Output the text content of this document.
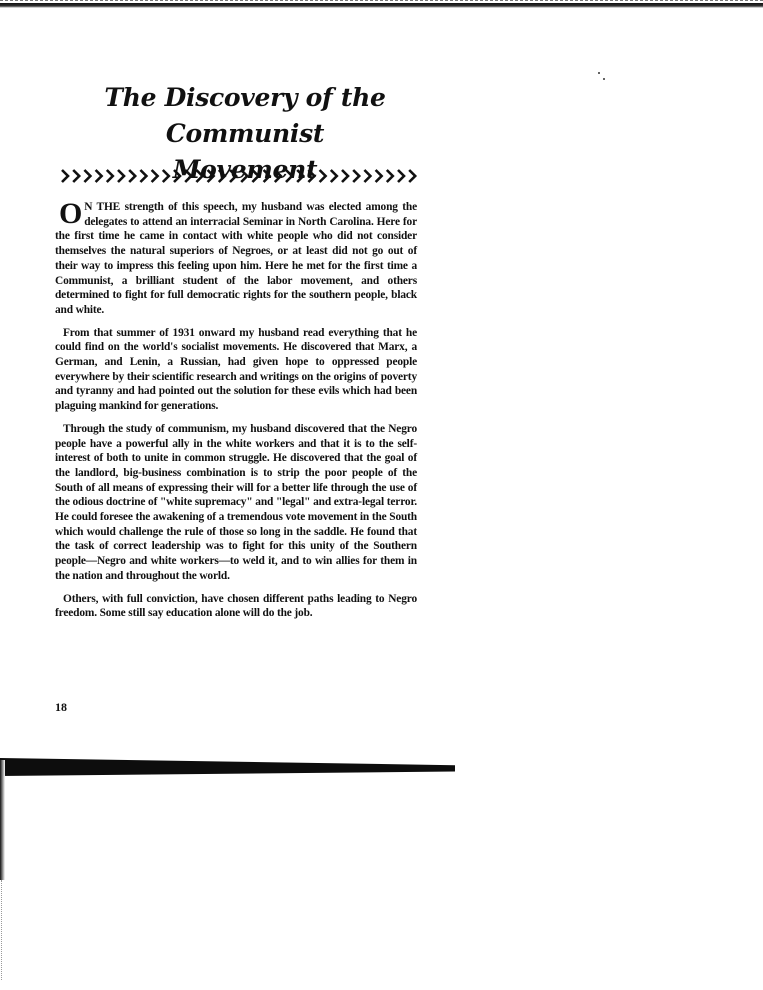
The Discovery of the Communist
Movement

O N THE strength of this speech, my husband was elected among the delegates to attend an interracial Seminar in North Carolina. Here for the first time he came in contact with white people who did not consider themselves the natural superiors of Negroes, or at least did not go out of their way to impress this feeling upon him. Here he met for the first time a Communist, a brilliant student of the labor movement, and others determined to fight for full democratic rights for the southern people, black and white.

From that summer of 1931 onward my husband read everything that he could find on the world's socialist movements. He discovered that Marx, a German, and Lenin, a Russian, had given hope to oppressed people everywhere by their scientific research and writings on the origins of poverty and tyranny and had pointed out the solution for these evils which had been plaguing mankind for generations.

Through the study of communism, my husband discovered that the Negro people have a powerful ally in the white workers and that it is to the self-interest of both to unite in common struggle. He discovered that the goal of the landlord, big-business combination is to strip the poor people of the South of all means of expressing their will for a better life through the use of the odious doctrine of "white supremacy" and "legal" and extra-legal terror. He could foresee the awakening of a tremendous vote movement in the South which would challenge the rule of those so long in the saddle. He found that the task of correct leadership was to fight for this unity of the Southern people—Negro and white workers—to weld it, and to win allies for them in the nation and throughout the world.

Others, with full conviction, have chosen different paths leading to Negro freedom. Some still say education alone will do the job.

18
